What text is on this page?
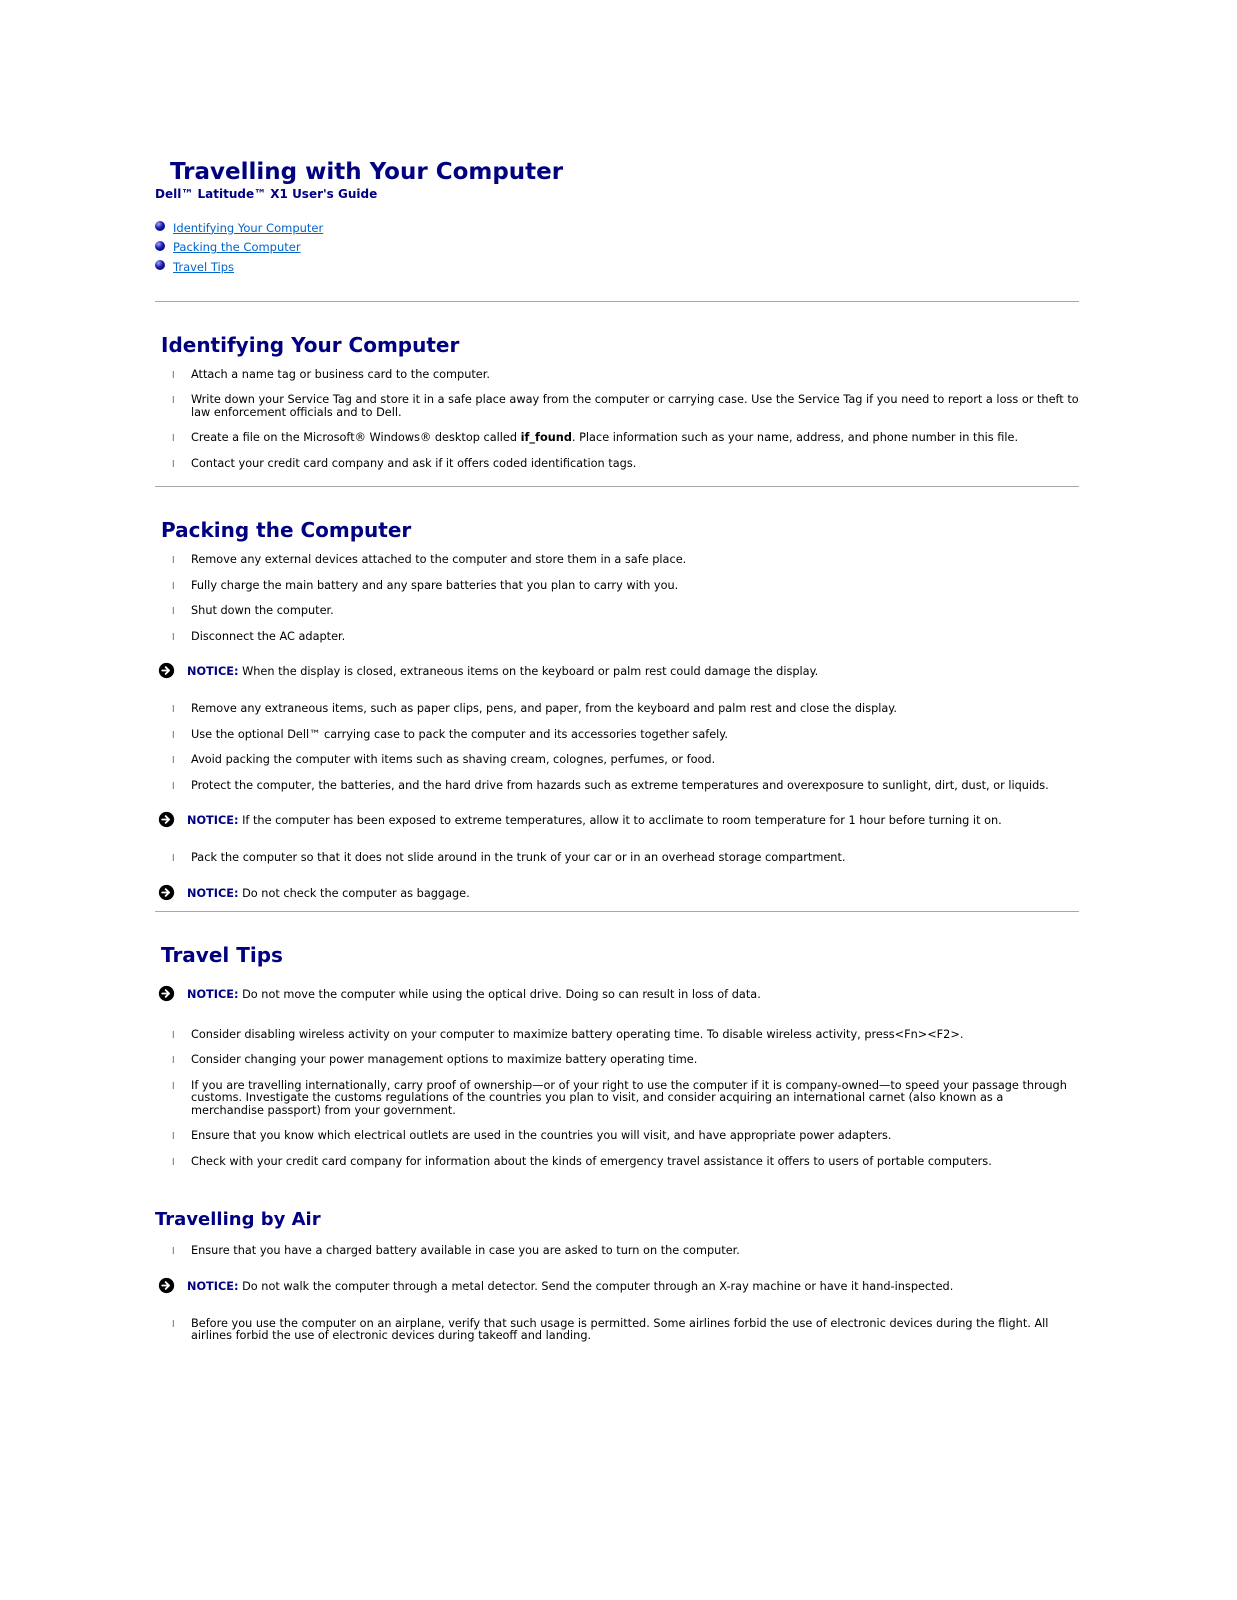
Travelling with Your Computer

Dell™ Latitude™ X1 User's Guide

Identifying Your Computer
Packing the Computer
Travel Tips
Identifying Your Computer
l Attach a name tag or business card to the computer.
l Write down your Service Tag and store it in a safe place away from the computer or carrying case. Use the Service Tag if you need to report a loss or theft to law enforcement officials and to Dell.
l Create a file on the Microsoft® Windows® desktop called if_found. Place information such as your name, address, and phone number in this file.
l Contact your credit card company and ask if it offers coded identification tags.
Packing the Computer
l Remove any external devices attached to the computer and store them in a safe place.
l Fully charge the main battery and any spare batteries that you plan to carry with you.
l Shut down the computer.
l Disconnect the AC adapter.
NOTICE: When the display is closed, extraneous items on the keyboard or palm rest could damage the display.
l Remove any extraneous items, such as paper clips, pens, and paper, from the keyboard and palm rest and close the display.
l Use the optional Dell™ carrying case to pack the computer and its accessories together safely.
l Avoid packing the computer with items such as shaving cream, colognes, perfumes, or food.
l Protect the computer, the batteries, and the hard drive from hazards such as extreme temperatures and overexposure to sunlight, dirt, dust, or liquids.
NOTICE: If the computer has been exposed to extreme temperatures, allow it to acclimate to room temperature for 1 hour before turning it on.
l Pack the computer so that it does not slide around in the trunk of your car or in an overhead storage compartment.
NOTICE: Do not check the computer as baggage.
Travel Tips
NOTICE: Do not move the computer while using the optical drive. Doing so can result in loss of data.
l Consider disabling wireless activity on your computer to maximize battery operating time. To disable wireless activity, press<Fn><F2>.
l Consider changing your power management options to maximize battery operating time.
l If you are travelling internationally, carry proof of ownership—or of your right to use the computer if it is company-owned—to speed your passage through customs. Investigate the customs regulations of the countries you plan to visit, and consider acquiring an international carnet (also known as a merchandise passport) from your government.
l Ensure that you know which electrical outlets are used in the countries you will visit, and have appropriate power adapters.
l Check with your credit card company for information about the kinds of emergency travel assistance it offers to users of portable computers.
Travelling by Air
l Ensure that you have a charged battery available in case you are asked to turn on the computer.
NOTICE: Do not walk the computer through a metal detector. Send the computer through an X-ray machine or have it hand-inspected.
l Before you use the computer on an airplane, verify that such usage is permitted. Some airlines forbid the use of electronic devices during the flight. All airlines forbid the use of electronic devices during takeoff and landing.
